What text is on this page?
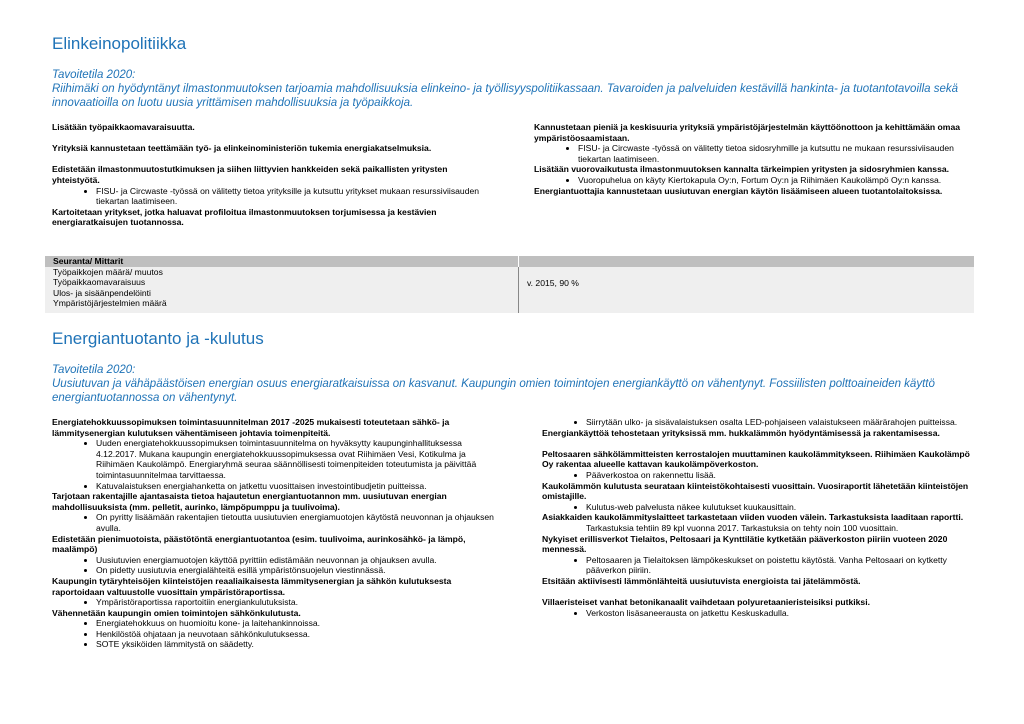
Elinkeinopolitiikka
Tavoitetila 2020:
Riihimäki on hyödyntänyt ilmastonmuutoksen tarjoamia mahdollisuuksia elinkeino- ja työllisyyspolitiikassaan. Tavaroiden ja palveluiden kestävillä hankinta- ja tuotantotavoilla sekä innovaatioilla on luotu uusia yrittämisen mahdollisuuksia ja työpaikkoja.
Lisätään työpaikkaomavaraisuutta.
Yrityksiä kannustetaan teettämään työ- ja elinkeinoministeriön tukemia energiakatselmuksia.
Edistetään ilmastonmuutostutkimuksen ja siihen liittyvien hankkeiden sekä paikallisten yritysten yhteistyötä.
• FISU- ja Circwaste -työssä on välitetty tietoa yrityksille ja kutsuttu yritykset mukaan resurssiviisauden tiekartan laatimiseen.
Kartoitetaan yritykset, jotka haluavat profiloitua ilmastonmuutoksen torjumisessa ja kestävien energiaratkaisujen tuotannossa.
Kannustetaan pieniä ja keskisuuria yrityksiä ympäristöjärjestelmän käyttöönottoon ja kehittämään omaa ympäristöosaamistaan.
• FISU- ja Circwaste -työssä on välitetty tietoa sidosryhmille ja kutsuttu ne mukaan resurssiviisauden tiekartan laatimiseen.
Lisätään vuorovaikutusta ilmastonmuutoksen kannalta tärkeimpien yritysten ja sidosryhmien kanssa.
• Vuoropuhelua on käyty Kiertokapula Oy:n, Fortum Oy:n ja Riihimäen Kaukolämpö Oy:n kanssa.
Energiantuottajia kannustetaan uusiutuvan energian käytön lisäämiseen alueen tuotantolaitoksissa.
Seuranta/ Mittarit
Työpaikkojen määrä/ muutos
Työpaikkaomavaraisuus
Ulos- ja sisäänpendelöinti
Ympäristöjärjestelmien määrä
v. 2015, 90 %
Energiantuotanto ja -kulutus
Tavoitetila 2020:
Uusiutuvan ja vähäpäästöisen energian osuus energiaratkaisuissa on kasvanut. Kaupungin omien toimintojen energiankäyttö on vähentynyt. Fossiilisten polttoaineiden käyttö energiantuotannossa on vähentynyt.
Energiatehokkuussopimuksen toimintasuunnitelman 2017 -2025 mukaisesti toteutetaan sähkö- ja lämmitysenergian kulutuksen vähentämiseen johtavia toimenpiteitä.
• Uuden energiatehokkuussopimuksen toimintasuunnitelma on hyväksytty kaupunginhallituksessa 4.12.2017. Mukana kaupungin energiatehokkuussopimuksessa ovat Riihimäen Vesi, Kotikulma ja Riihimäen Kaukolämpö. Energiaryhmä seuraa säännöllisesti toimenpiteiden toteutumista ja päivittää toimintasuunnitelmaa tarvittaessa.
• Katuvalaistuksen energiahanketta on jatkettu vuosittaisen investointibudjetin puitteissa.
Tarjotaan rakentajille ajantasaista tietoa hajautetun energiantuotannon mm. uusiutuvan energian mahdollisuuksista (mm. pelletit, aurinko, lämpöpumppu ja tuulivoima).
• On pyritty lisäämään rakentajien tietoutta uusiutuvien energiamuotojen käytöstä neuvonnan ja ohjauksen avulla.
Edistetään pienimuotoista, päästötöntä energiantuotantoa (esim. tuulivoima, aurinkosähkö- ja lämpö, maalämpö)
• Uusiutuvien energiamuotojen käyttöä pyrittiin edistämään neuvonnan ja ohjauksen avulla.
• On pidetty uusiutuvia energialähteitä esillä ympäristönsuojelun viestinnässä.
Kaupungin tytäryhteisöjen kiinteistöjen reaaliaikaisesta lämmitysenergian ja sähkön kulutuksesta raportoidaan valtuustolle vuosittain ympäristöraportissa.
• Ympäristöraportissa raportoitiin energiankulutuksista.
Vähennetään kaupungin omien toimintojen sähkönkulutusta.
• Energiatehokkuus on huomioitu kone- ja laitehankinnoissa.
• Henkilöstöä ohjataan ja neuvotaan sähkönkulutuksessa.
• SOTE yksiköiden lämmitystä on säädetty.
• Siirrytään ulko- ja sisävalaistuksen osalta LED-pohjaiseen valaistukseen määrärahojen puitteissa.
Energiankäyttöä tehostetaan yrityksissä mm. hukkalämmön hyödyntämisessä ja rakentamisessa.
Peltosaaren sähkölämmitteisten kerrostalojen muuttaminen kaukolämmitykseen. Riihimäen Kaukolämpö Oy rakentaa alueelle kattavan kaukolämpöverkoston.
• Pääverkostoa on rakennettu lisää.
Kaukolämmön kulutusta seurataan kiinteistökohtaisesti vuosittain. Vuosiraportit lähetetään kiinteistöjen omistajille.
• Kulutus-web palvelusta näkee kulutukset kuukausittain.
Asiakkaiden kaukolämmityslaitteet tarkastetaan viiden vuoden välein. Tarkastuksista laaditaan raportti.
Tarkastuksia tehtiin 89 kpl vuonna 2017. Tarkastuksia on tehty noin 100 vuosittain.
Nykyiset erillisverkot Tielaitos, Peltosaari ja Kynttilätie kytketään pääverkoston piiriin vuoteen 2020 mennessä.
• Peltosaaren ja Tielaitoksen lämpökeskukset on poistettu käytöstä. Vanha Peltosaari on kytketty pääverkon piiriin.
Etsitään aktiivisesti lämmönlähteitä uusiutuvista energioista tai jätelämmöstä.
Villaeristeiset vanhat betonikanaalit vaihdetaan polyuretaanieristeisiksi putkiksi.
• Verkoston lisäsaneerausta on jatkettu Keskuskadulla.
